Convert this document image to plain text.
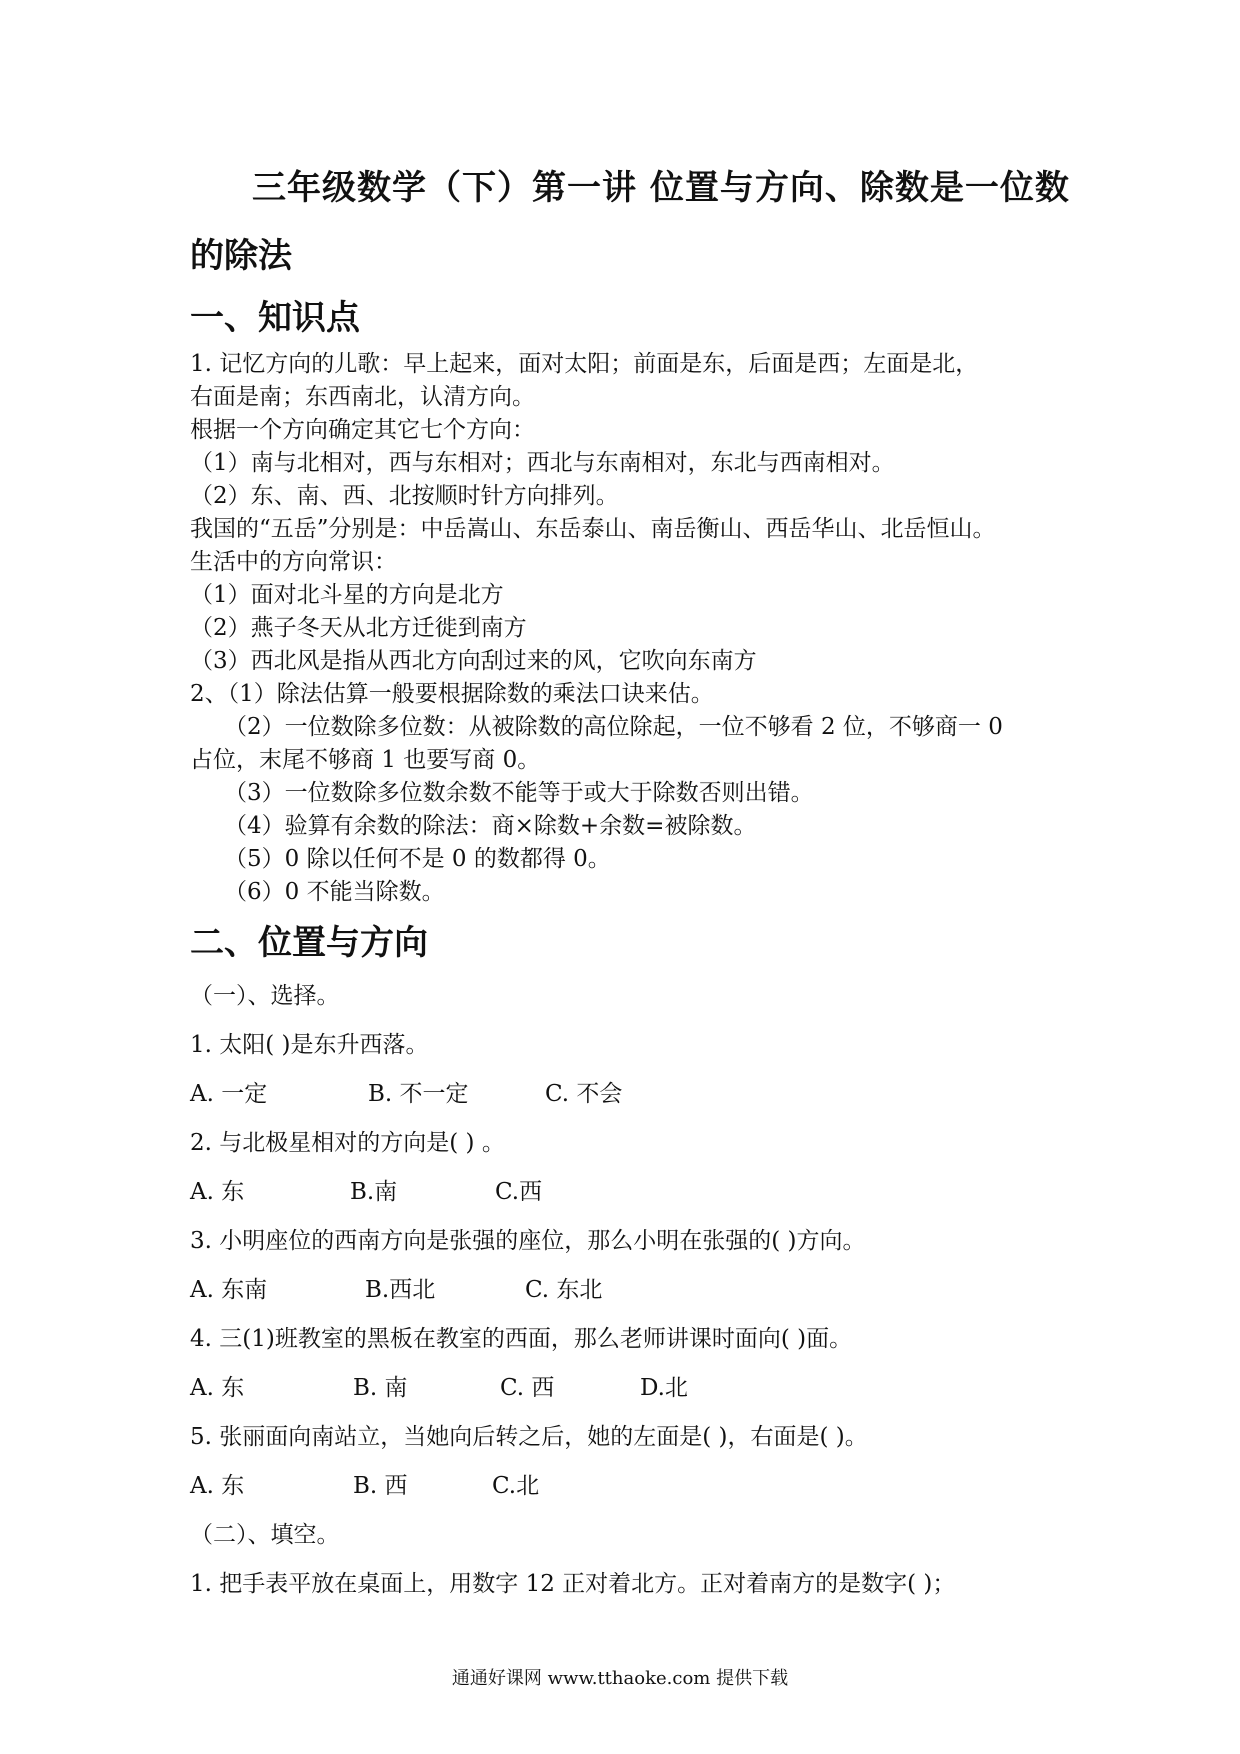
三年级数学（下）第一讲 位置与方向、除数是一位数
的除法
一、知识点
1. 记忆方向的儿歌：早上起来，面对太阳；前面是东，后面是西；左面是北，
右面是南；东西南北，认清方向。
根据一个方向确定其它七个方向：
（1）南与北相对，西与东相对；西北与东南相对，东北与西南相对。
（2）东、南、西、北按顺时针方向排列。
我国的“五岳”分别是：中岳嵩山、东岳泰山、南岳衡山、西岳华山、北岳恒山。
生活中的方向常识：
（1）面对北斗星的方向是北方
（2）燕子冬天从北方迁徙到南方
（3）西北风是指从西北方向刮过来的风，它吹向东南方
2、（1）除法估算一般要根据除数的乘法口诀来估。
（2）一位数除多位数：从被除数的高位除起，一位不够看 2 位，不够商一 0
占位，末尾不够商 1 也要写商 0。
（3）一位数除多位数余数不能等于或大于除数否则出错。
（4）验算有余数的除法：商×除数+余数=被除数。
（5）0 除以任何不是 0 的数都得 0。
（6）0 不能当除数。
二、位置与方向
（一）、选择。
1. 太阳( )是东升西落。
A. 一定	B. 不一定	C. 不会
2. 与北极星相对的方向是( ) 。
A. 东	B.南	C.西
3. 小明座位的西南方向是张强的座位，那么小明在张强的( )方向。
A. 东南	B.西北	C. 东北
4. 三(1)班教室的黑板在教室的西面，那么老师讲课时面向( )面。
A. 东	B. 南	C. 西	D.北
5. 张丽面向南站立，当她向后转之后，她的左面是( )，右面是( )。
A. 东	B. 西	C.北
（二）、填空。
1. 把手表平放在桌面上，用数字 12 正对着北方。正对着南方的是数字( )；
通通好课网 www.tthaoke.com 提供下载
